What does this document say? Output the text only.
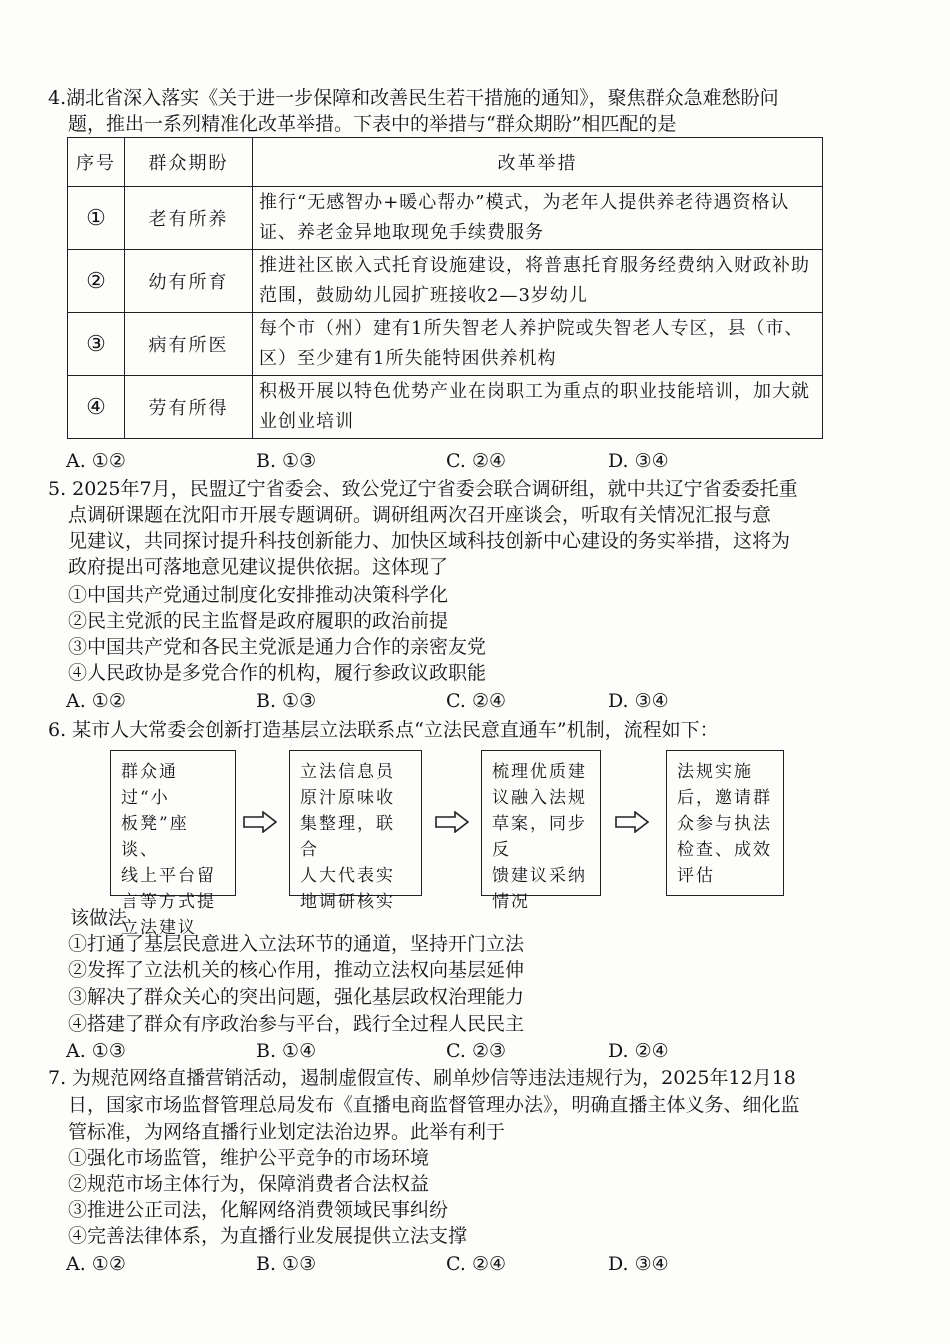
4.湖北省深入落实《关于进一步保障和改善民生若干措施的通知》，聚焦群众急难愁盼问
题，推出一系列精准化改革举措。下表中的举措与“群众期盼”相匹配的是
序号	群众期盼	改革举措
①	老有所养	推行“无感智办+暖心帮办”模式，为老年人提供养老待遇资格认证、养老金异地取现免手续费服务
②	幼有所育	推进社区嵌入式托育设施建设，将普惠托育服务经费纳入财政补助范围，鼓励幼儿园扩班接收2—3岁幼儿
③	病有所医	每个市（州）建有1所失智老人养护院或失智老人专区，县（市、区）至少建有1所失能特困供养机构
④	劳有所得	积极开展以特色优势产业在岗职工为重点的职业技能培训，加大就业创业培训
A. ①②	B. ①③	C. ②④	D. ③④
5. 2025年7月，民盟辽宁省委会、致公党辽宁省委会联合调研组，就中共辽宁省委委托重
点调研课题在沈阳市开展专题调研。调研组两次召开座谈会，听取有关情况汇报与意
见建议，共同探讨提升科技创新能力、加快区域科技创新中心建设的务实举措，这将为
政府提出可落地意见建议提供依据。这体现了
①中国共产党通过制度化安排推动决策科学化
②民主党派的民主监督是政府履职的政治前提
③中国共产党和各民主党派是通力合作的亲密友党
④人民政协是多党合作的机构，履行参政议政职能
A. ①②	B. ①③	C. ②④	D. ③④
6. 某市人大常委会创新打造基层立法联系点“立法民意直通车”机制，流程如下：
群众通过“小
板凳”座谈、
线上平台留
言等方式提
立法建议
立法信息员
原汁原味收
集整理，联合
人大代表实
地调研核实
梳理优质建
议融入法规
草案，同步反
馈建议采纳
情况
法规实施
后，邀请群
众参与执法
检查、成效
评估
该做法
①打通了基层民意进入立法环节的通道，坚持开门立法
②发挥了立法机关的核心作用，推动立法权向基层延伸
③解决了群众关心的突出问题，强化基层政权治理能力
④搭建了群众有序政治参与平台，践行全过程人民民主
A. ①③	B. ①④	C. ②③	D. ②④
7. 为规范网络直播营销活动，遏制虚假宣传、刷单炒信等违法违规行为，2025年12月18
日，国家市场监督管理总局发布《直播电商监督管理办法》，明确直播主体义务、细化监
管标准，为网络直播行业划定法治边界。此举有利于
①强化市场监管，维护公平竞争的市场环境
②规范市场主体行为，保障消费者合法权益
③推进公正司法，化解网络消费领域民事纠纷
④完善法律体系，为直播行业发展提供立法支撑
A. ①②	B. ①③	C. ②④	D. ③④
